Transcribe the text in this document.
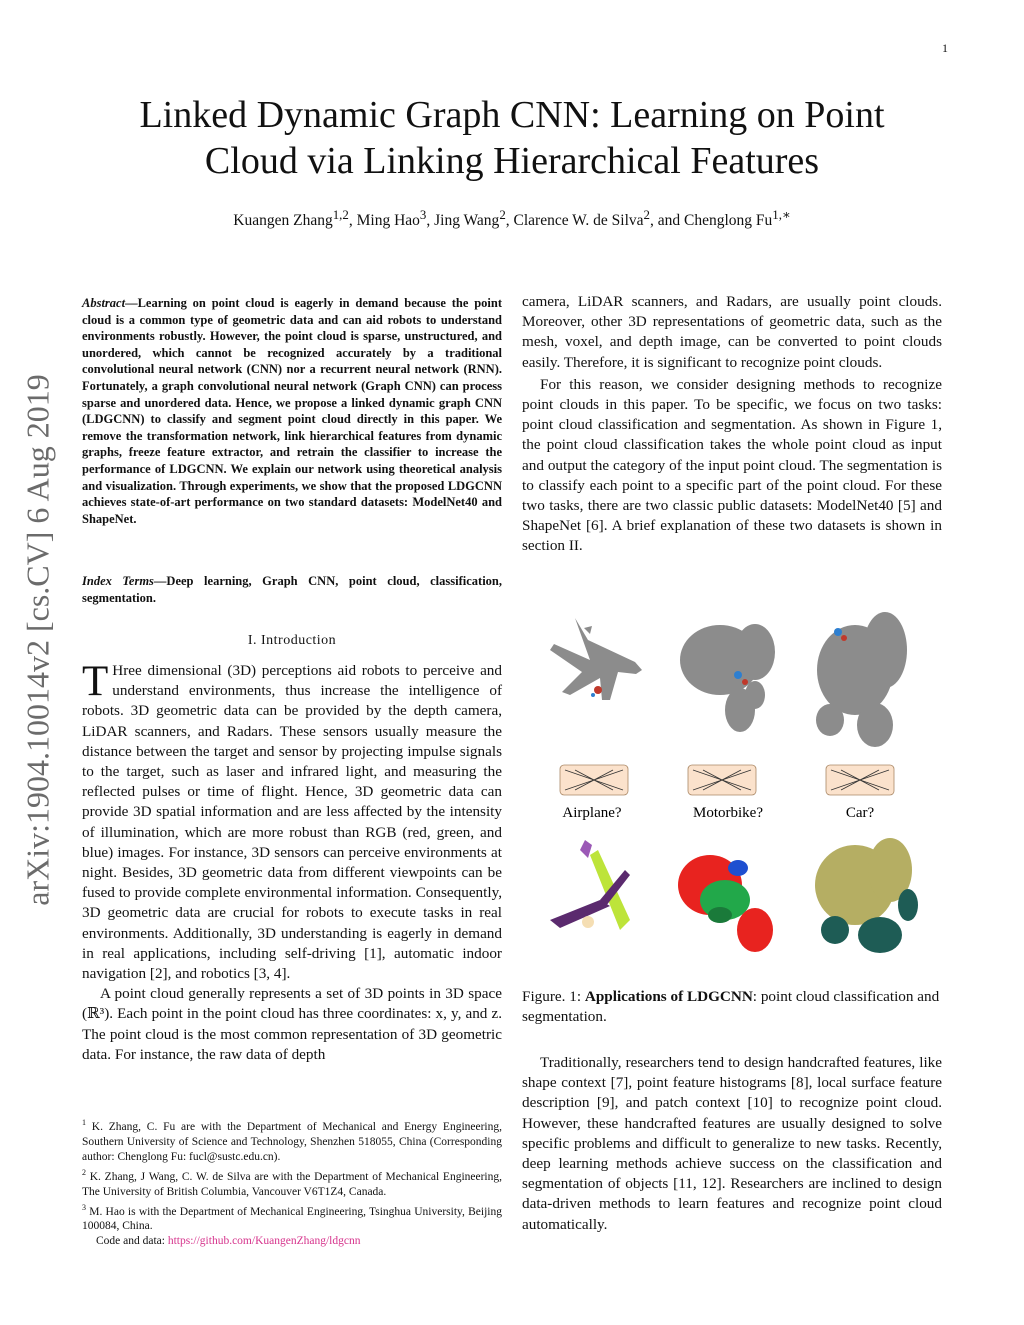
1
arXiv:1904.10014v2 [cs.CV] 6 Aug 2019
Linked Dynamic Graph CNN: Learning on Point
Cloud via Linking Hierarchical Features
Kuangen Zhang$^{1,2}$, Ming Hao$^3$, Jing Wang$^2$, Clarence W. de Silva$^2$, and Chenglong $Fu^{1,∗}$
Abstract—Learning on point cloud is eagerly in demand because the point cloud is a common type of geometric data and can aid robots to understand environments robustly. However, the point cloud is sparse, unstructured, and unordered, which cannot be recognized accurately by a traditional convolutional neural network (CNN) nor a recurrent neural network (RNN). Fortunately, a graph convolutional neural network (Graph CNN) can process sparse and unordered data. Hence, we propose a linked dynamic graph CNN (LDGCNN) to classify and segment point cloud directly in this paper. We remove the transformation network, link hierarchical features from dynamic graphs, freeze feature extractor, and retrain the classifier to increase the performance of LDGCNN. We explain our network using theoretical analysis and visualization. Through experiments, we show that the proposed LDGCNN achieves state-of-art performance on two standard datasets: ModelNet40 and ShapeNet.
Index Terms—Deep learning, Graph CNN, point cloud, classification, segmentation.
I. Introduction

T Hree dimensional (3D) perceptions aid robots to perceive and understand environments, thus increase the intelligence of robots. 3D geometric data can be provided by the depth camera, LiDAR scanners, and Radars. These sensors usually measure the distance between the target and sensor by projecting impulse signals to the target, such as laser and infrared light, and measuring the reflected pulses or time of flight. Hence, 3D geometric data can provide 3D spatial information and are less affected by the intensity of illumination, which are more robust than RGB (red, green, and blue) images. For instance, 3D sensors can perceive environments at night. Besides, 3D geometric data from different viewpoints can be fused to provide complete environmental information. Consequently, 3D geometric data are crucial for robots to execute tasks in real environments. Additionally, 3D understanding is eagerly in demand in real applications, including self-driving [1], automatic indoor navigation [2], and robotics [3, 4].

A point cloud generally represents a set of 3D points in 3D space (ℝ³). Each point in the point cloud has three coordinates: x, y, and z. The point cloud is the most common representation of 3D geometric data. For instance, the raw data of depth

$^1$ K. Zhang, C. Fu are with the Department of Mechanical and Energy Engineering, Southern University of Science and Technology, Shenzhen 518055, China (Corresponding author: Chenglong Fu: fucl@sustc.edu.cn).

$^2$ K. Zhang, J Wang, C. W. de Silva are with the Department of Mechanical Engineering, The University of British Columbia, Vancouver V6T1Z4, Canada.

$^3$ M. Hao is with the Department of Mechanical Engineering, Tsinghua University, Beijing 100084, China.

Code and data: https://github.com/KuangenZhang/ldgcnn

camera, LiDAR scanners, and Radars, are usually point clouds. Moreover, other 3D representations of geometric data, such as the mesh, voxel, and depth image, can be converted to point clouds easily. Therefore, it is significant to recognize point clouds.

For this reason, we consider designing methods to recognize point clouds in this paper. To be specific, we focus on two tasks: point cloud classification and segmentation. As shown in Figure 1, the point cloud classification takes the whole point cloud as input and output the category of the input point cloud. The segmentation is to classify each point to a specific part of the point cloud. For these two tasks, there are two classic public datasets: ModelNet40 [5] and ShapeNet [6]. A brief explanation of these two datasets is shown in section II.

Airplane?	Motorbike?	Car?
Figure. 1: Applications of LDGCNN: point cloud classification and segmentation.

Traditionally, researchers tend to design handcrafted features, like shape context [7], point feature histograms [8], local surface feature description [9], and patch context [10] to recognize point cloud. However, these handcrafted features are usually designed to solve specific problems and difficult to generalize to new tasks. Recently, deep learning methods achieve success on the classification and segmentation of objects [11, 12]. Researchers are inclined to design data-driven methods to learn features and recognize point cloud automatically.
